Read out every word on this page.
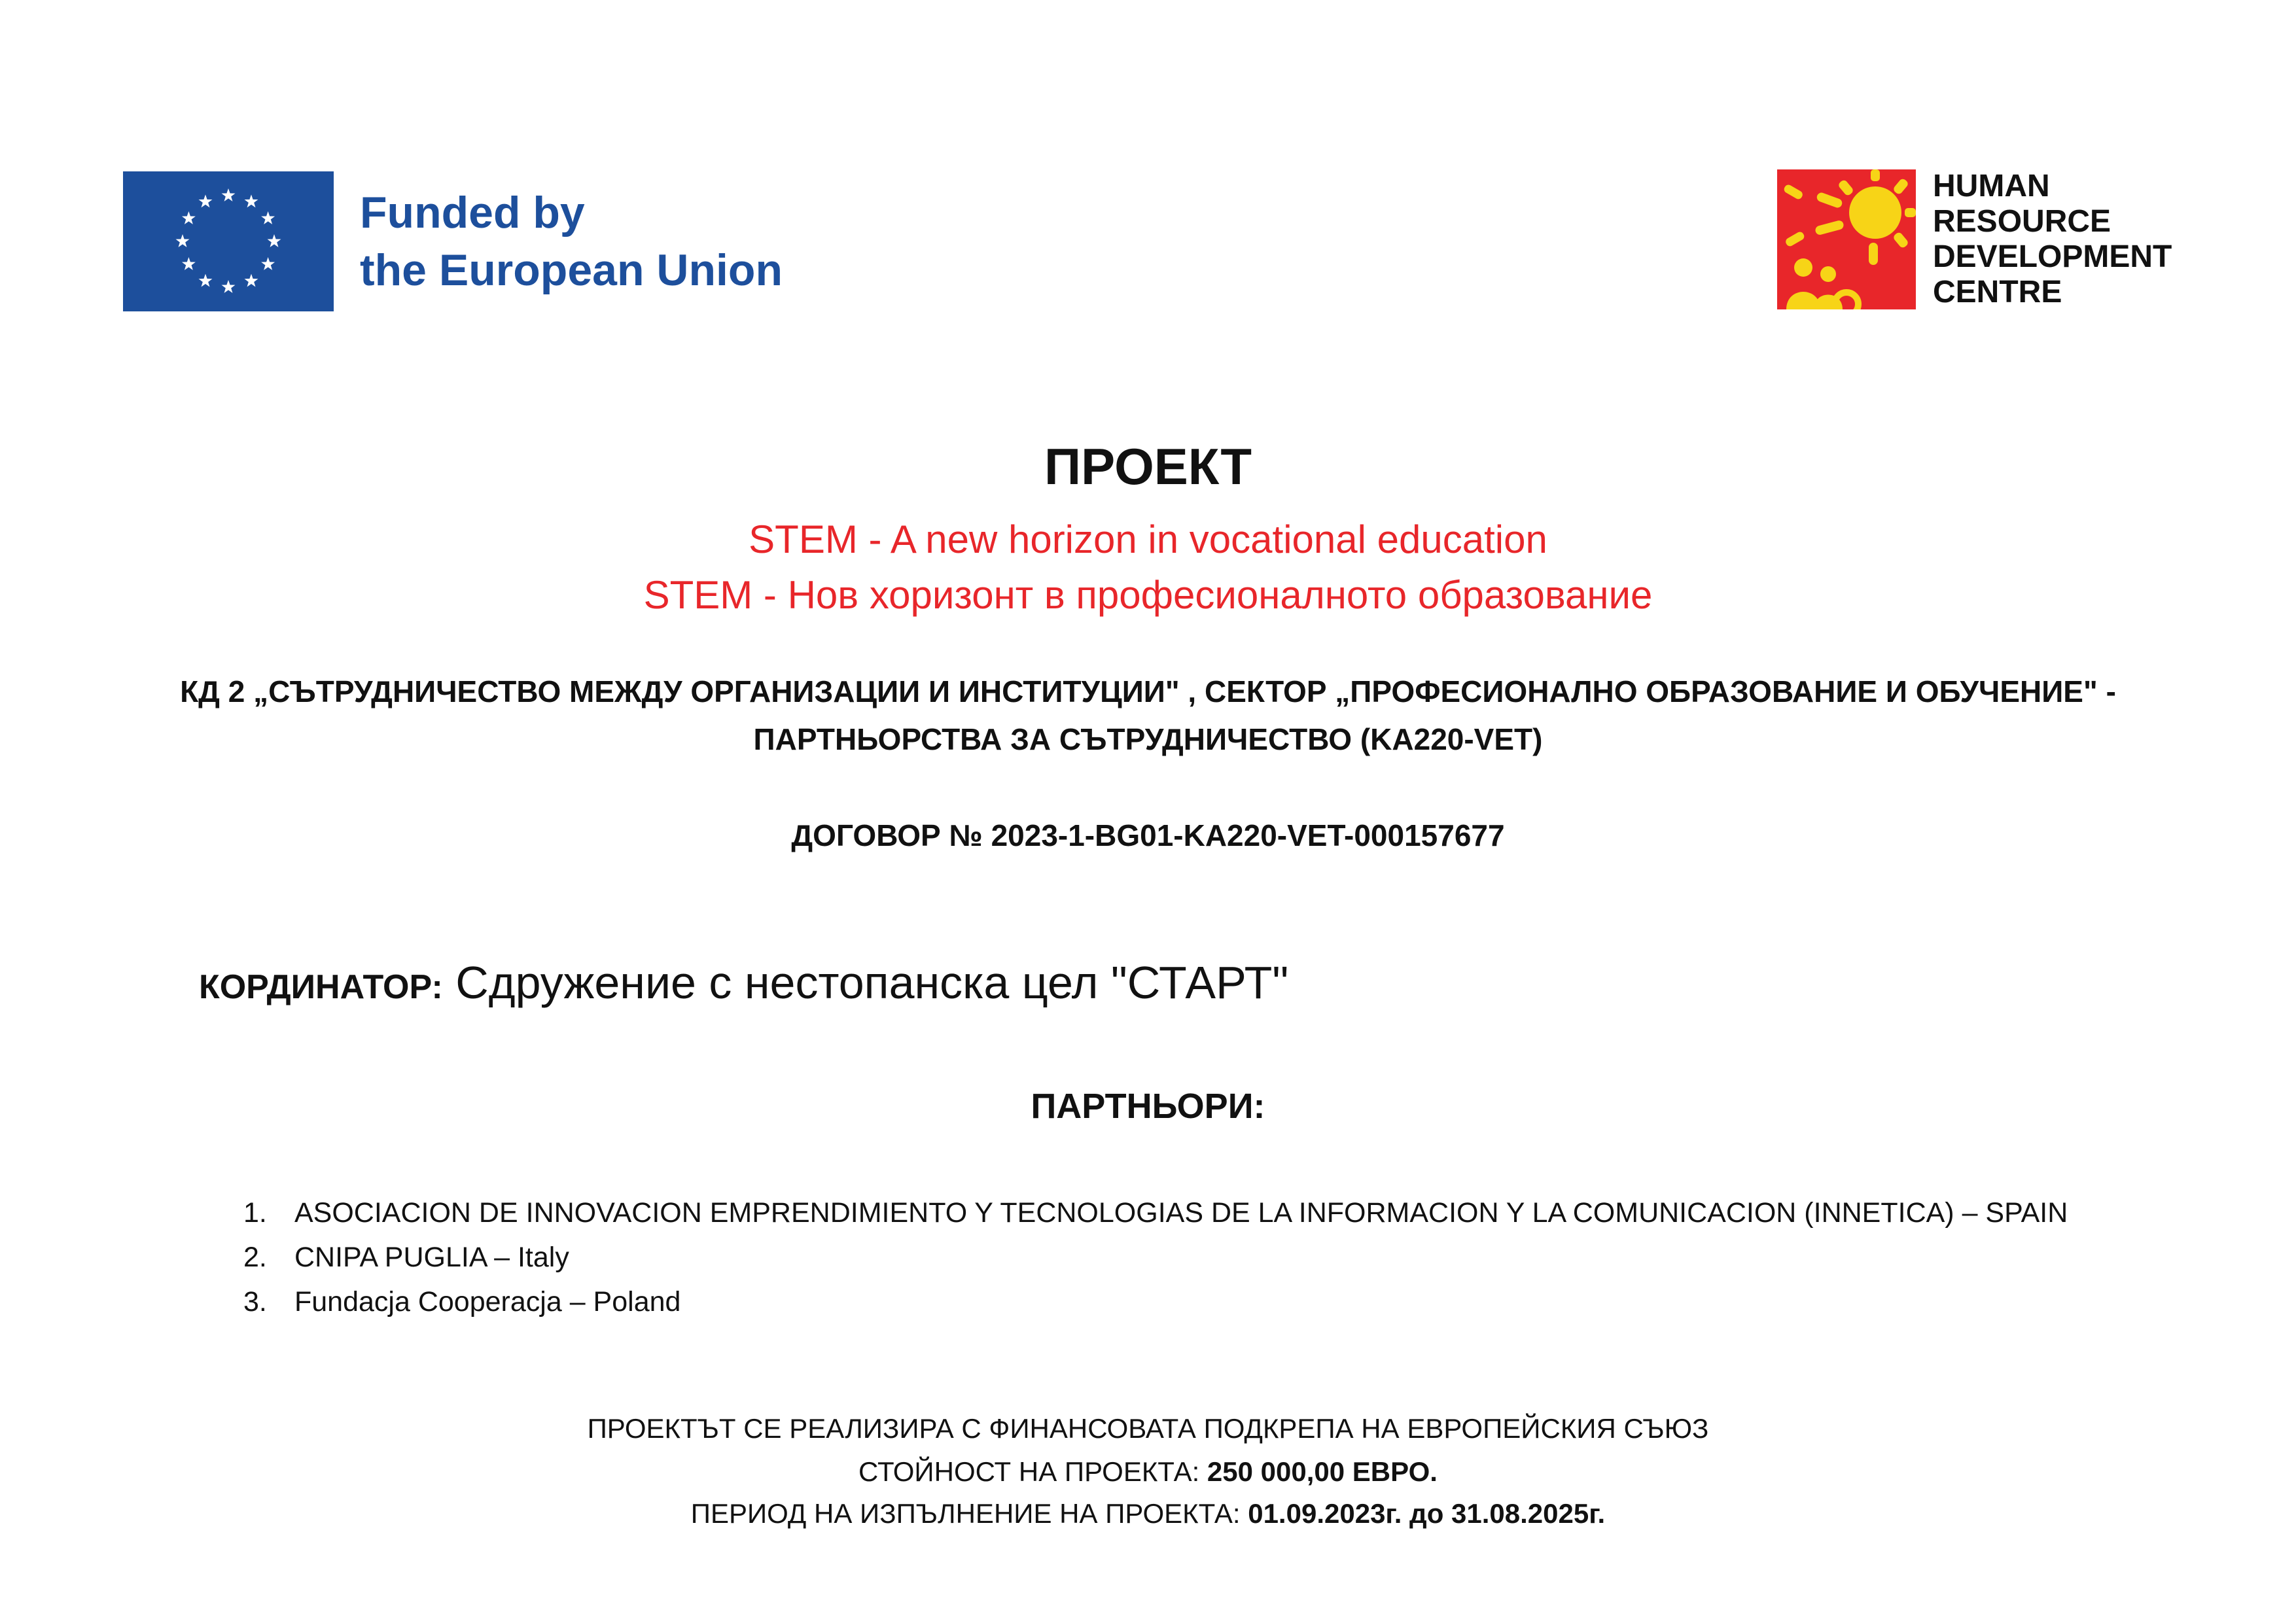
Funded by
the European Union
HUMAN
RESOURCE
DEVELOPMENT
CENTRE
ПРОЕКТ
STEM - A new horizon in vocational education
STEM - Нов хоризонт в професионалното образование
КД 2 „СЪТРУДНИЧЕСТВО МЕЖДУ ОРГАНИЗАЦИИ И ИНСТИТУЦИИ" , СЕКТОР „ПРОФЕСИОНАЛНО ОБРАЗОВАНИЕ И ОБУЧЕНИЕ" -
ПАРТНЬОРСТВА ЗА СЪТРУДНИЧЕСТВО (KA220-VET)
ДОГОВОР № 2023-1-BG01-KA220-VET-000157677
КОРДИНАТОР: Сдружение с нестопанска цел "СТАРТ"
ПАРТНЬОРИ:
1. ASOCIACION DE INNOVACION EMPRENDIMIENTO Y TECNOLOGIAS DE LA INFORMACION Y LA COMUNICACION (INNETICA) – SPAIN
2. CNIPA PUGLIA – Italy
3. Fundacja Cooperacja – Poland
ПРОЕКТЪТ СЕ РЕАЛИЗИРА С ФИНАНСОВАТА ПОДКРЕПА НА ЕВРОПЕЙСКИЯ СЪЮЗ
СТОЙНОСТ НА ПРОЕКТА: 250 000,00 ЕВРО.
ПЕРИОД НА ИЗПЪЛНЕНИЕ НА ПРОЕКТА: 01.09.2023г. до 31.08.2025г.
